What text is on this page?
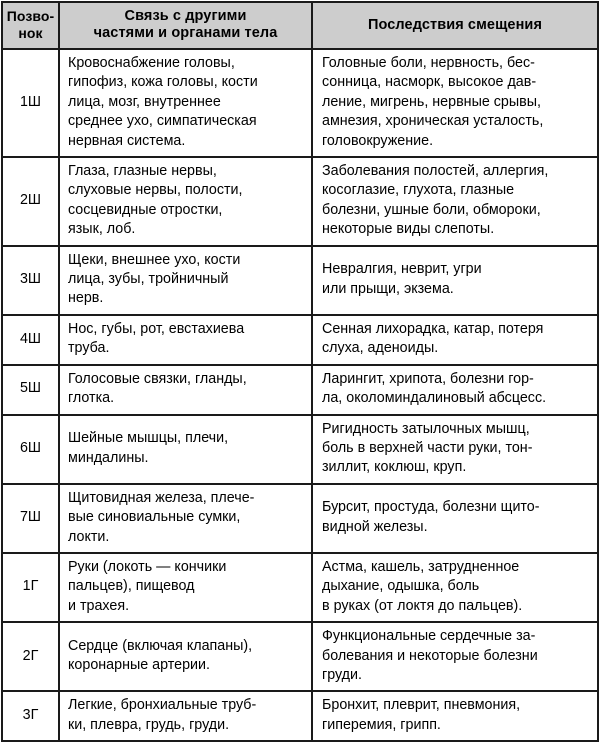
Позво-
нок	Связь с другими
частями и органами тела	Последствия смещения
1Ш	Кровоснабжение головы,
гипофиз, кожа головы, кости
лица, мозг, внутреннее
среднее ухо, симпатическая
нервная система.	Головные боли, нервность, бес-
сонница, насморк, высокое дав-
ление, мигрень, нервные срывы,
амнезия, хроническая усталость,
головокружение.

2Ш	Глаза, глазные нервы,
слуховые нервы, полости,
сосцевидные отростки,
язык, лоб.	Заболевания полостей, аллергия,
косоглазие, глухота, глазные
болезни, ушные боли, обмороки,
некоторые виды слепоты.

3Ш	Щеки, внешнее ухо, кости
лица, зубы, тройничный
нерв.	Невралгия, неврит, угри
или прыщи, экзема.

4Ш	Нос, губы, рот, евстахиева
труба.	Сенная лихорадка, катар, потеря
слуха, аденоиды.

5Ш	Голосовые связки, гланды,
глотка.	Ларингит, хрипота, болезни гор-
ла, околоминдалиновый абсцесс.

6Ш	Шейные мышцы, плечи,
миндалины.	Ригидность затылочных мышц,
боль в верхней части руки, тон-
зиллит, коклюш, круп.

7Ш	Щитовидная железа, плече-
вые синовиальные сумки,
локти.	Бурсит, простуда, болезни щито-
видной железы.

1Г	Руки (локоть — кончики
пальцев), пищевод
и трахея.	Астма, кашель, затрудненное
дыхание, одышка, боль
в руках (от локтя до пальцев).

2Г	Сердце (включая клапаны),
коронарные артерии.	Функциональные сердечные за-
болевания и некоторые болезни
груди.

3Г	Легкие, бронхиальные труб-
ки, плевра, грудь, груди.	Бронхит, плеврит, пневмония,
гиперемия, грипп.
